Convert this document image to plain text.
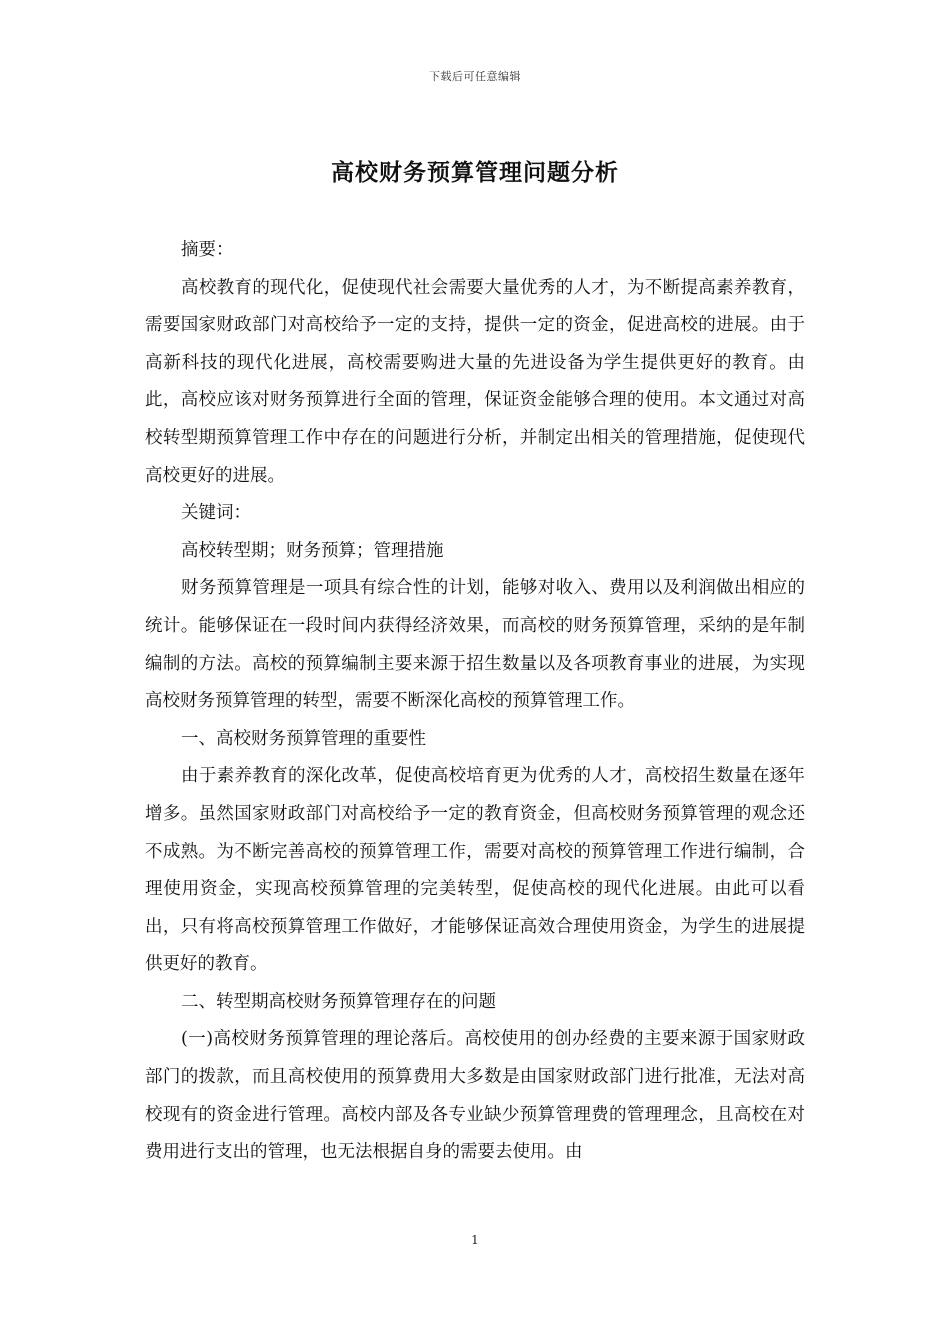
下载后可任意编辑
高校财务预算管理问题分析

摘要：

高校教育的现代化，促使现代社会需要大量优秀的人才，为不断提高素养教育，需要国家财政部门对高校给予一定的支持，提供一定的资金，促进高校的进展。由于高新科技的现代化进展，高校需要购进大量的先进设备为学生提供更好的教育。由此，高校应该对财务预算进行全面的管理，保证资金能够合理的使用。本文通过对高校转型期预算管理工作中存在的问题进行分析，并制定出相关的管理措施，促使现代高校更好的进展。

关键词：

高校转型期；财务预算；管理措施

财务预算管理是一项具有综合性的计划，能够对收入、费用以及利润做出相应的统计。能够保证在一段时间内获得经济效果，而高校的财务预算管理，采纳的是年制编制的方法。高校的预算编制主要来源于招生数量以及各项教育事业的进展，为实现高校财务预算管理的转型，需要不断深化高校的预算管理工作。

一、高校财务预算管理的重要性

由于素养教育的深化改革，促使高校培育更为优秀的人才，高校招生数量在逐年增多。虽然国家财政部门对高校给予一定的教育资金，但高校财务预算管理的观念还不成熟。为不断完善高校的预算管理工作，需要对高校的预算管理工作进行编制，合理使用资金，实现高校预算管理的完美转型，促使高校的现代化进展。由此可以看出，只有将高校预算管理工作做好，才能够保证高效合理使用资金，为学生的进展提供更好的教育。

二、转型期高校财务预算管理存在的问题

(一)高校财务预算管理的理论落后。高校使用的创办经费的主要来源于国家财政部门的拨款，而且高校使用的预算费用大多数是由国家财政部门进行批准，无法对高校现有的资金进行管理。高校内部及各专业缺少预算管理费的管理理念，且高校在对费用进行支出的管理，也无法根据自身的需要去使用。由

1
